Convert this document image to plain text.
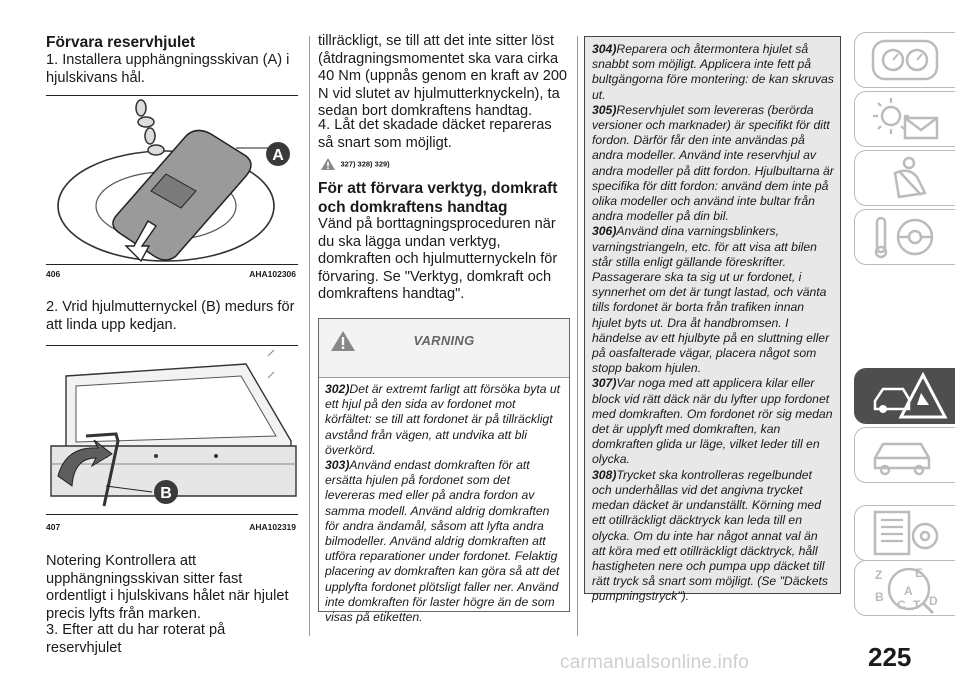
Förvara reservhjulet

1. Installera upphängningsskivan (A) i hjulskivans hål.

A
406	AHA102306

2. Vrid hjulmutternyckel (B) medurs för att linda upp kedjan.

B
407	AHA102319

Notering Kontrollera att upphängningsskivan sitter fast ordentligt i hjulskivans hålet när hjulet precis lyfts från marken.

3. Efter att du har roterat på reservhjulet

tillräckligt, se till att det inte sitter löst (åtdragningsmomentet ska vara cirka 40 Nm (uppnås genom en kraft av 200 N vid slutet av hjulmutterknyckeln), ta sedan bort domkraftens handtag.

4. Låt det skadade däcket repareras så snart som möjligt.

327) 328) 329)
För att förvara verktyg, domkraft och domkraftens handtag

Vänd på borttagningsproceduren när du ska lägga undan verktyg, domkraften och hjulmutternyckeln för förvaring. Se "Verktyg, domkraft och domkraftens handtag".

VARNING

302)Det är extremt farligt att försöka byta ut ett hjul på den sida av fordonet mot körfältet: se till att fordonet är på tillräckligt avstånd från vägen, att undvika att bli överkörd.

303)Använd endast domkraften för att ersätta hjulen på fordonet som det levereras med eller på andra fordon av samma modell. Använd aldrig domkraften för andra ändamål, såsom att lyfta andra bilmodeller. Använd aldrig domkraften att utföra reparationer under fordonet. Felaktig placering av domkraften kan göra så att det upplyfta fordonet plötsligt faller ner. Använd inte domkraften för laster högre än de som visas på etiketten.

304)Reparera och återmontera hjulet så snabbt som möjligt. Applicera inte fett på bultgängorna före montering: de kan skruvas ut.

305)Reservhjulet som levereras (berörda versioner och marknader) är specifikt för ditt fordon. Därför får den inte användas på andra modeller. Använd inte reservhjul av andra modeller på ditt fordon. Hjulbultarna är specifika för ditt fordon: använd dem inte på olika modeller och använd inte bultar från andra modeller på din bil.

306)Använd dina varningsblinkers, varningstriangeln, etc. för att visa att bilen står stilla enligt gällande föreskrifter. Passagerare ska ta sig ut ur fordonet, i synnerhet om det är tungt lastad, och vänta tills fordonet är borta från trafiken innan hjulet byts ut. Dra åt handbromsen. I händelse av ett hjulbyte på en sluttning eller på oasfalterade vägar, placera något som stopp bakom hjulen.

307)Var noga med att applicera kilar eller block vid rätt däck när du lyfter upp fordonet med domkraften. Om fordonet rör sig medan det är upplyft med domkraften, kan domkraften glida ur läge, vilket leder till en olycka.

308)Trycket ska kontrolleras regelbundet och underhållas vid det angivna trycket medan däcket är undanställt. Körning med ett otillräckligt däcktryck kan leda till en olycka. Om du inte har något annat val än att köra med ett otillräckligt däcktryck, håll hastigheten nere och pumpa upp däcket till rätt tryck så snart som möjligt. (Se "Däckets pumpningstryck").

Z	E
B A
C T D
225
carmanualsonline.info
